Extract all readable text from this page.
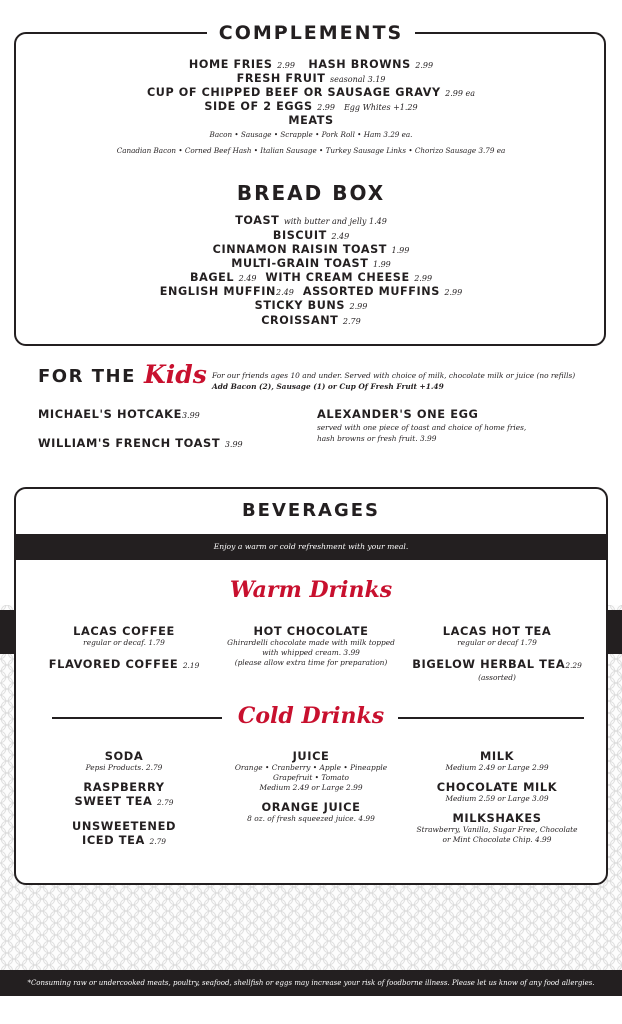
COMPLEMENTS
HOME FRIES 2.99 HASH BROWNS 2.99
FRESH FRUIT seasonal 3.19
CUP OF CHIPPED BEEF OR SAUSAGE GRAVY 2.99 ea
SIDE OF 2 EGGS 2.99 Egg Whites +1.29
MEATS
Bacon • Sausage • Scrapple • Pork Roll • Ham 3.29 ea.
Canadian Bacon • Corned Beef Hash • Italian Sausage • Turkey Sausage Links • Chorizo Sausage 3.79 ea
BREAD BOX
TOAST with butter and jelly 1.49
BISCUIT 2.49
CINNAMON RAISIN TOAST 1.99
MULTI-GRAIN TOAST 1.99
BAGEL 2.49 WITH CREAM CHEESE 2.99
ENGLISH MUFFIN2.49 ASSORTED MUFFINS 2.99
STICKY BUNS 2.99
CROISSANT 2.79
FOR THE Kids For our friends ages 10 and under. Served with choice of milk, chocolate milk or juice (no refills)
Add Bacon (2), Sausage (1) or Cup Of Fresh Fruit +1.49
MICHAEL'S HOTCAKE3.99
WILLIAM'S FRENCH TOAST 3.99
ALEXANDER'S ONE EGG
served with one piece of toast and choice of home fries,
hash browns or fresh fruit. 3.99
BEVERAGES
Enjoy a warm or cold refreshment with your meal.
Warm Drinks
LACAS COFFEE
regular or decaf. 1.79
FLAVORED COFFEE 2.19
HOT CHOCOLATE
Ghirardelli chocolate made with milk topped
with whipped cream. 3.99
(please allow extra time for preparation)
LACAS HOT TEA
regular or decaf 1.79
BIGELOW HERBAL TEA2.29
(assorted)
Cold Drinks
SODA
Pepsi Products. 2.79
RASPBERRY
SWEET TEA 2.79
UNSWEETENED
ICED TEA 2.79
JUICE
Orange • Cranberry • Apple • Pineapple
Grapefruit • Tomato
Medium 2.49 or Large 2.99
ORANGE JUICE
8 oz. of fresh squeezed juice. 4.99
MILK
Medium 2.49 or Large 2.99
CHOCOLATE MILK
Medium 2.59 or Large 3.09
MILKSHAKES
Strawberry, Vanilla, Sugar Free, Chocolate
or Mint Chocolate Chip. 4.99
*Consuming raw or undercooked meats, poultry, seafood, shellfish or eggs may increase your risk of foodborne illness. Please let us know of any food allergies.
